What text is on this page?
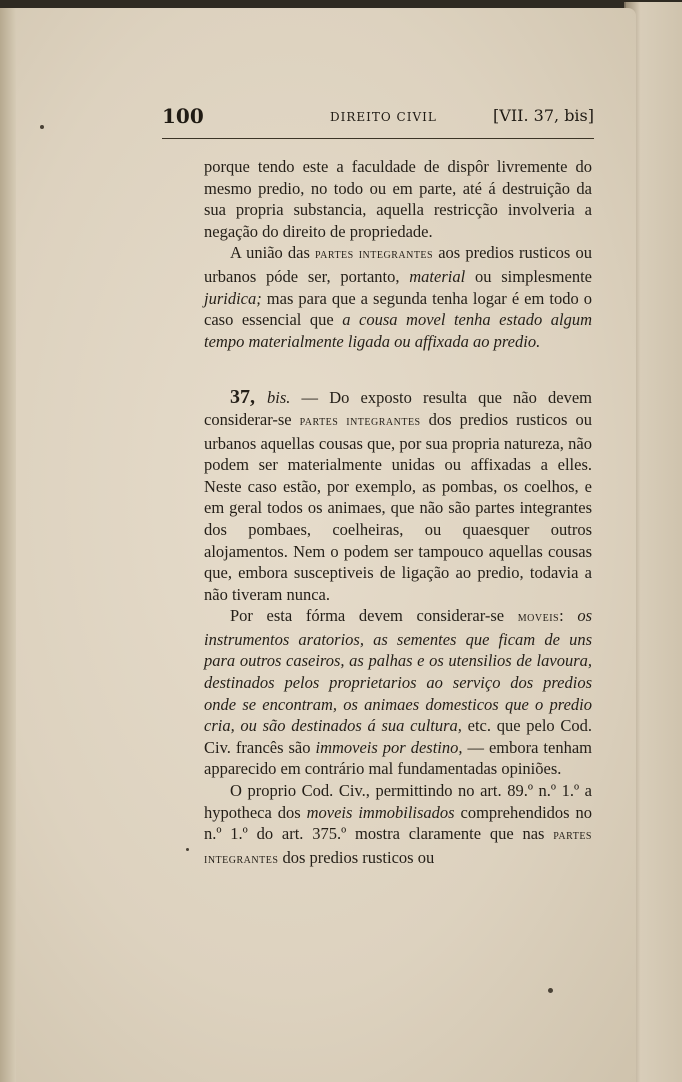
100	DIREITO CIVIL	[VII. 37, bis]

porque tendo este a faculdade de dispôr livremente do mesmo predio, no todo ou em parte, até á destruição da sua propria substancia, aquella restricção involveria a negação do direito de propriedade.

A união das partes integrantes aos predios rusticos ou urbanos póde ser, portanto, material ou simplesmente juridica; mas para que a segunda tenha logar é em todo o caso essencial que a cousa movel tenha estado algum tempo materialmente ligada ou affixada ao predio.

37, bis. — Do exposto resulta que não devem considerar-se partes integrantes dos predios rusticos ou urbanos aquellas cousas que, por sua propria natureza, não podem ser materialmente unidas ou affixadas a elles. Neste caso estão, por exemplo, as pombas, os coelhos, e em geral todos os animaes, que não são partes integrantes dos pombaes, coelheiras, ou quaesquer outros alojamentos. Nem o podem ser tampouco aquellas cousas que, embora susceptiveis de ligação ao predio, todavia a não tiveram nunca.

Por esta fórma devem considerar-se moveis: os instrumentos aratorios, as sementes que ficam de uns para outros caseiros, as palhas e os utensilios de lavoura, destinados pelos proprietarios ao serviço dos predios onde se encontram, os animaes domesticos que o predio cria, ou são destinados á sua cultura, etc. que pelo Cod. Civ. francês são immoveis por destino, — embora tenham apparecido em contrário mal fundamentadas opiniões.

O proprio Cod. Civ., permittindo no art. 89.º n.º 1.º a hypotheca dos moveis immobilisados comprehendidos no n.º 1.º do art. 375.º mostra claramente que nas partes integrantes dos predios rusticos ou
